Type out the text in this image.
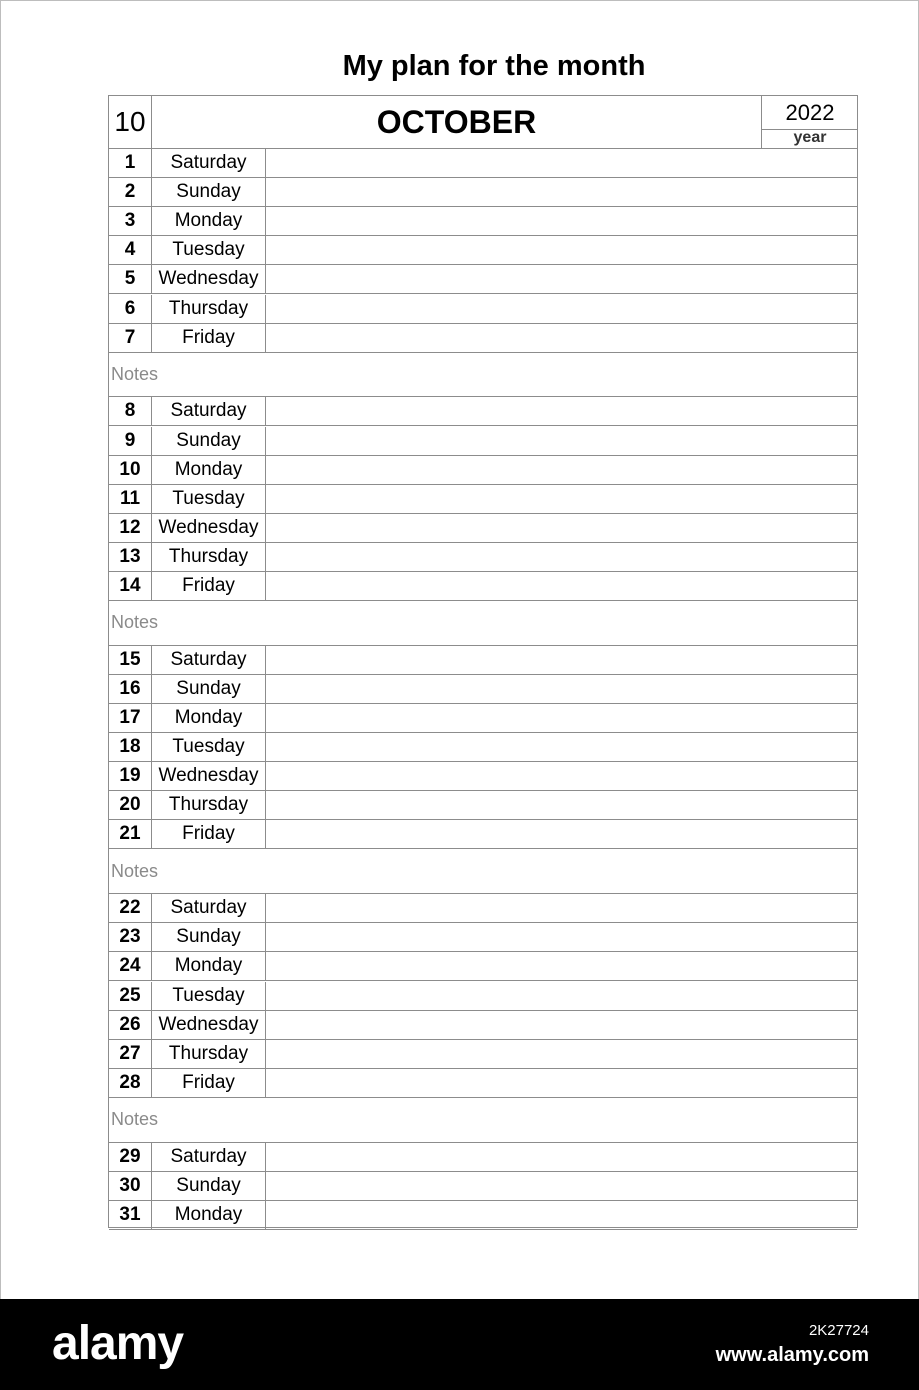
My plan for the month
10	OCTOBER	2022
year
1	Saturday
2	Sunday
3	Monday
4	Tuesday
5	Wednesday
6	Thursday
7	Friday
Notes
8	Saturday
9	Sunday
10	Monday
11	Tuesday
12 Wednesday
13	Thursday
14	Friday
Notes
15	Saturday
16	Sunday
17	Monday
18	Tuesday
19 Wednesday
20	Thursday
21	Friday
Notes
22	Saturday
23	Sunday
24	Monday
25	Tuesday
26 Wednesday
27	Thursday
28	Friday
Notes
29	Saturday
30	Sunday
31	Monday
alamy	2K27724
www.alamy.com
